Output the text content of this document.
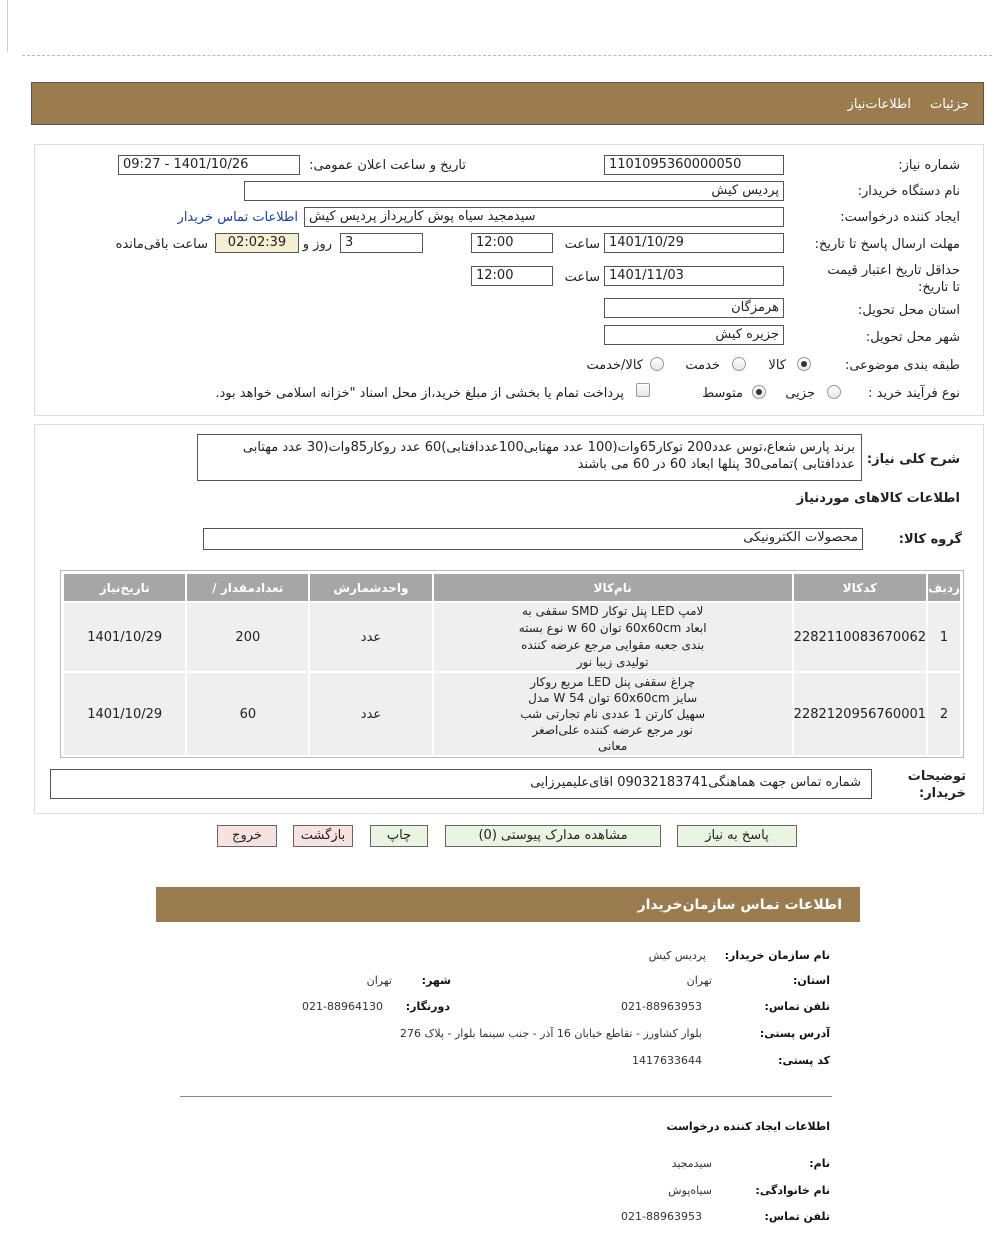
جزئیات
اطلاعات‌نیاز
شماره نیاز:
1101095360000050
تاریخ و ساعت اعلان عمومی:
1401/10/26 - 09:27
نام دستگاه خریدار:
پردیس کیش
ایجاد کننده درخواست:
سیدمجید سیاه پوش کارپرداز پردیس کیش
اطلاعات تماس خریدار
مهلت ارسال پاسخ تا تاریخ:
1401/10/29
ساعت
12:00
3
روز و
02:02:39
ساعت باقی‌مانده
حداقل تاریخ اعتبار قیمت تا تاریخ:
1401/11/03
ساعت
12:00
استان محل تحویل:
هرمزگان
شهر محل تحویل:
جزیره کیش
طبقه بندی موضوعی:
کالا
خدمت
کالا/خدمت
نوع فرآیند خرید :
جزیی
متوسط
پرداخت تمام یا بخشی از مبلغ خرید،از محل اسناد "خزانه اسلامی خواهد بود.
شرح کلی نیاز:
برند پارس شعاع،توس عدد200 توکار65وات(100 عدد مهتابی100عددافتابی)60 عدد روکار85وات(30 عدد مهتابی عددافتابی )تمامی30 پنلها ابعاد 60 در 60 می باشند
اطلاعات کالاهای موردنیاز
گروه کالا:
محصولات الکترونیکی
ردیف	کدکالا	نام‌کالا	واحدشمارش	تعدادمقدار /	تاریخ‌نیاز
1	2282110083670062	لامپ LED پنل توکار SMD سقفی به ابعاد 60x60cm توان 60 w نوع بسته بندی جعبه مقوایی مرجع عرضه کننده تولیدی زیبا نور	عدد	200	1401/10/29
2	2282120956760001	چراغ سقفی پنل LED مربع روکار سایز 60x60cm توان 54 W مدل سهیل کارتن 1 عددی نام تجارتی شب نور مرجع عرضه کننده علی‌اصغر معانی	عدد	60	1401/10/29
توضیحات خریدار:
شماره تماس جهت هماهنگی09032183741 اقای‌علیمیرزایی
پاسخ به نیاز
مشاهده مدارک پیوستی (0)
چاپ
بازگشت
خروج
اطلاعات تماس سازمان‌خریدار
نام سازمان خریدار:
پردیس کیش
استان:
تهران
شهر:
تهران
تلفن تماس:
021-88963953
دورنگار:
021-88964130
آدرس پستی:
بلوار کشاورز - تقاطع خیابان 16 آذر - جنب سینما بلوار - پلاک 276
کد پستی:
1417633644
اطلاعات ایجاد کننده درخواست
نام:
سیدمجید
نام خانوادگی:
سیاه‌پوش
تلفن تماس:
021-88963953
